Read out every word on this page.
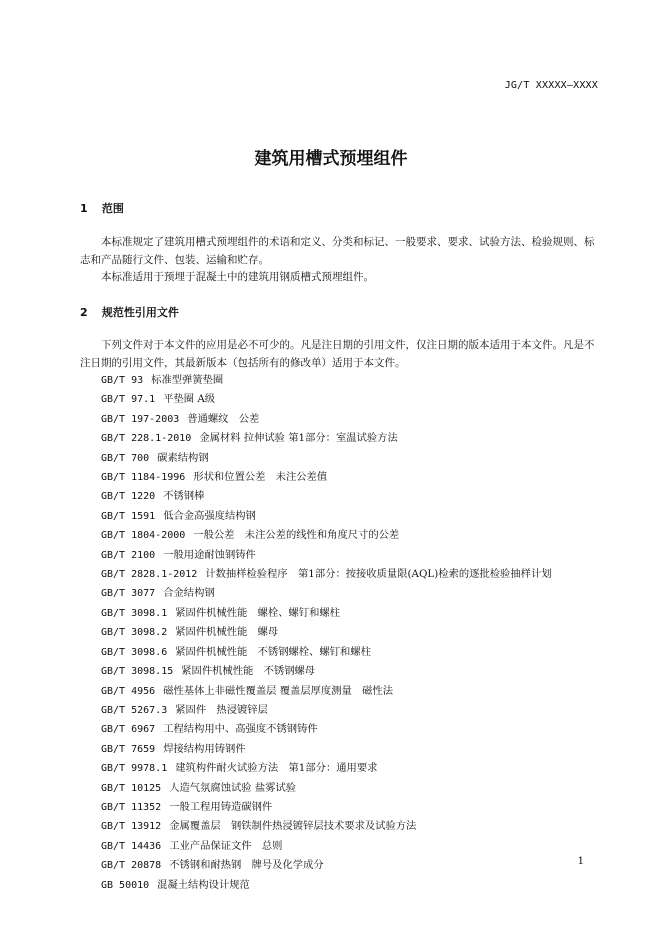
JG/T XXXXX—XXXX
建筑用槽式预埋组件
1 范围

本标准规定了建筑用槽式预埋组件的术语和定义、分类和标记、一般要求、要求、试验方法、检验规则、标志和产品随行文件、包装、运输和贮存。

本标准适用于预埋于混凝土中的建筑用钢质槽式预埋组件。

2 规范性引用文件

下列文件对于本文件的应用是必不可少的。凡是注日期的引用文件，仅注日期的版本适用于本文件。凡是不注日期的引用文件，其最新版本（包括所有的修改单）适用于本文件。

GB/T 93 标准型弹簧垫圈
GB/T 97.1 平垫圈 A级
GB/T 197-2003 普通螺纹　公差
GB/T 228.1-2010 金属材料 拉伸试验 第1部分：室温试验方法
GB/T 700 碳素结构钢
GB/T 1184-1996 形状和位置公差　未注公差值
GB/T 1220 不锈钢棒
GB/T 1591 低合金高强度结构钢
GB/T 1804-2000 一般公差　未注公差的线性和角度尺寸的公差
GB/T 2100 一般用途耐蚀钢铸件
GB/T 2828.1-2012 计数抽样检验程序　第1部分：按接收质量限(AQL)检索的逐批检验抽样计划
GB/T 3077 合金结构钢
GB/T 3098.1 紧固件机械性能　螺栓、螺钉和螺柱
GB/T 3098.2 紧固件机械性能　螺母
GB/T 3098.6 紧固件机械性能　不锈钢螺栓、螺钉和螺柱
GB/T 3098.15 紧固件机械性能　不锈钢螺母
GB/T 4956 磁性基体上非磁性覆盖层 覆盖层厚度测量　磁性法
GB/T 5267.3 紧固件　热浸镀锌层
GB/T 6967 工程结构用中、高强度不锈钢铸件
GB/T 7659 焊接结构用铸钢件
GB/T 9978.1 建筑构件耐火试验方法　第1部分：通用要求
GB/T 10125 人造气氛腐蚀试验 盐雾试验
GB/T 11352 一般工程用铸造碳钢件
GB/T 13912 金属覆盖层　钢铁制件热浸镀锌层技术要求及试验方法
GB/T 14436 工业产品保证文件　总则
GB/T 20878 不锈钢和耐热钢　牌号及化学成分
GB 50010 混凝土结构设计规范
1
